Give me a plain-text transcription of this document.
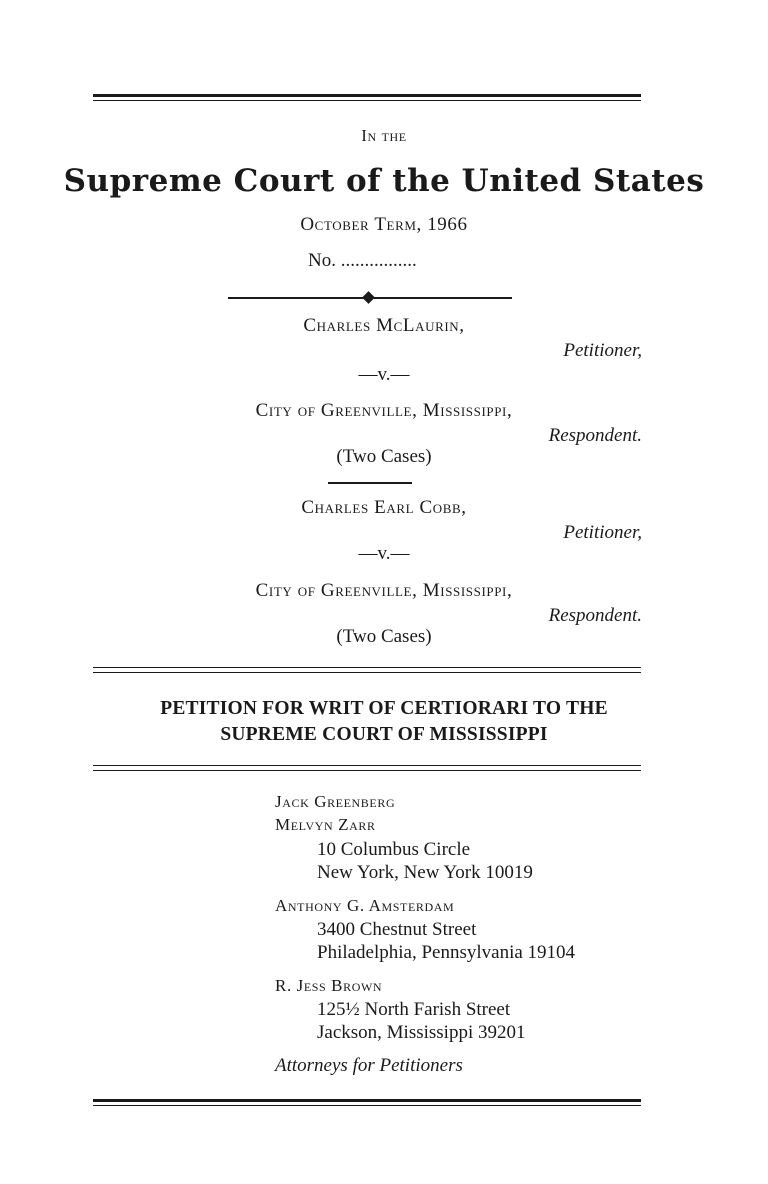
In the
Supreme Court of the United States
October Term, 1966
No. ................
Charles McLaurin,
Petitioner,
—v.—
City of Greenville, Mississippi,
Respondent.
(Two Cases)
Charles Earl Cobb,
Petitioner,
—v.—
City of Greenville, Mississippi,
Respondent.
(Two Cases)
PETITION FOR WRIT OF CERTIORARI TO THE
SUPREME COURT OF MISSISSIPPI
Jack Greenberg
Melvyn Zarr
10 Columbus Circle
New York, New York 10019
Anthony G. Amsterdam
3400 Chestnut Street
Philadelphia, Pennsylvania 19104
R. Jess Brown
125½ North Farish Street
Jackson, Mississippi 39201
Attorneys for Petitioners
